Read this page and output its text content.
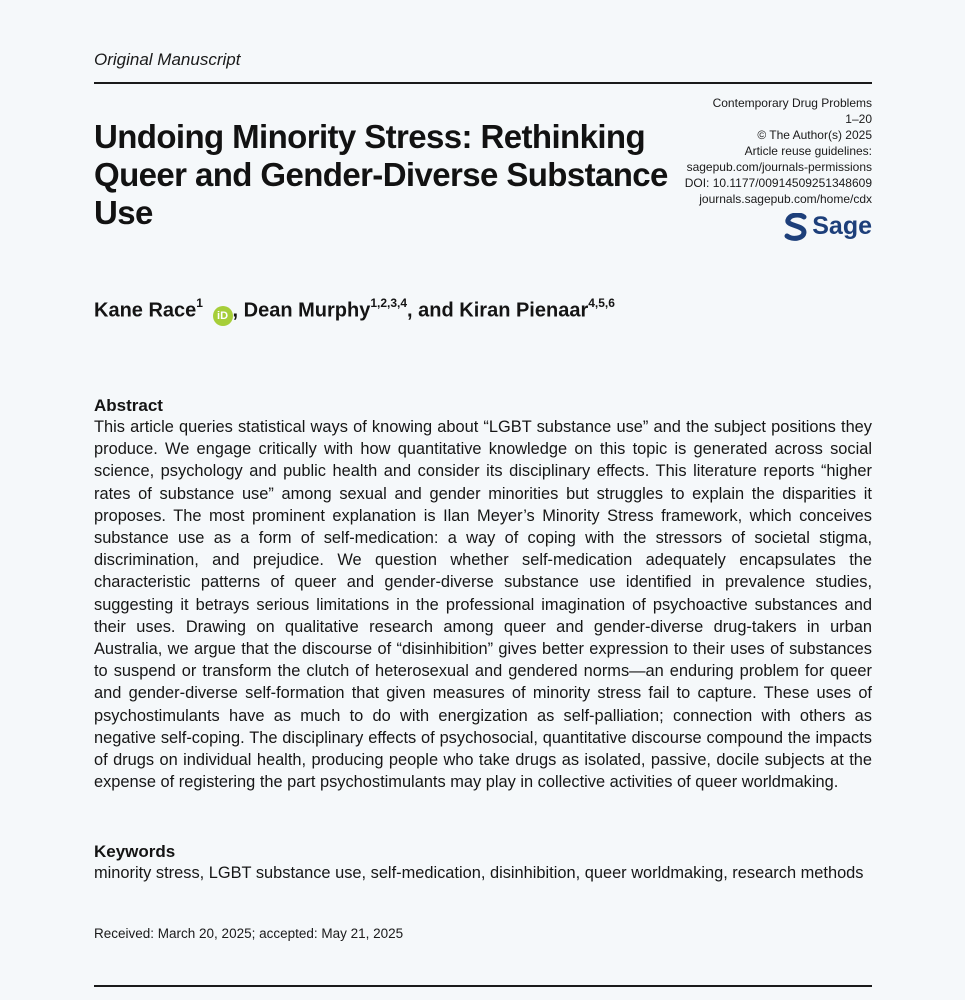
Original Manuscript
Undoing Minority Stress: Rethinking Queer and Gender-Diverse Substance Use
Contemporary Drug Problems
1–20
© The Author(s) 2025
Article reuse guidelines:
sagepub.com/journals-permissions
DOI: 10.1177/00914509251348609
journals.sagepub.com/home/cdx
Sage
Kane Race$^1$ iD , Dean Murphy$^{1,2,3,4}$, and Kiran Pienaar$^{4,5,6}$
Abstract

This article queries statistical ways of knowing about “LGBT substance use” and the subject positions they produce. We engage critically with how quantitative knowledge on this topic is generated across social science, psychology and public health and consider its disciplinary effects. This literature reports “higher rates of substance use” among sexual and gender minorities but struggles to explain the disparities it proposes. The most prominent explanation is Ilan Meyer’s Minority Stress framework, which conceives substance use as a form of self-medication: a way of coping with the stressors of societal stigma, discrimination, and prejudice. We question whether self-medication adequately encapsulates the characteristic patterns of queer and gender-diverse substance use identified in prevalence studies, suggesting it betrays serious limitations in the professional imagination of psychoactive substances and their uses. Drawing on qualitative research among queer and gender-diverse drug-takers in urban Australia, we argue that the discourse of “disinhibition” gives better expression to their uses of substances to suspend or transform the clutch of heterosexual and gendered norms—an enduring problem for queer and gender-diverse self-formation that given measures of minority stress fail to capture. These uses of psychostimulants have as much to do with energization as self-palliation; connection with others as negative self-coping. The disciplinary effects of psychosocial, quantitative discourse compound the impacts of drugs on individual health, producing people who take drugs as isolated, passive, docile subjects at the expense of registering the part psychostimulants may play in collective activities of queer worldmaking.

Keywords

minority stress, LGBT substance use, self-medication, disinhibition, queer worldmaking, research methods

Received: March 20, 2025; accepted: May 21, 2025
